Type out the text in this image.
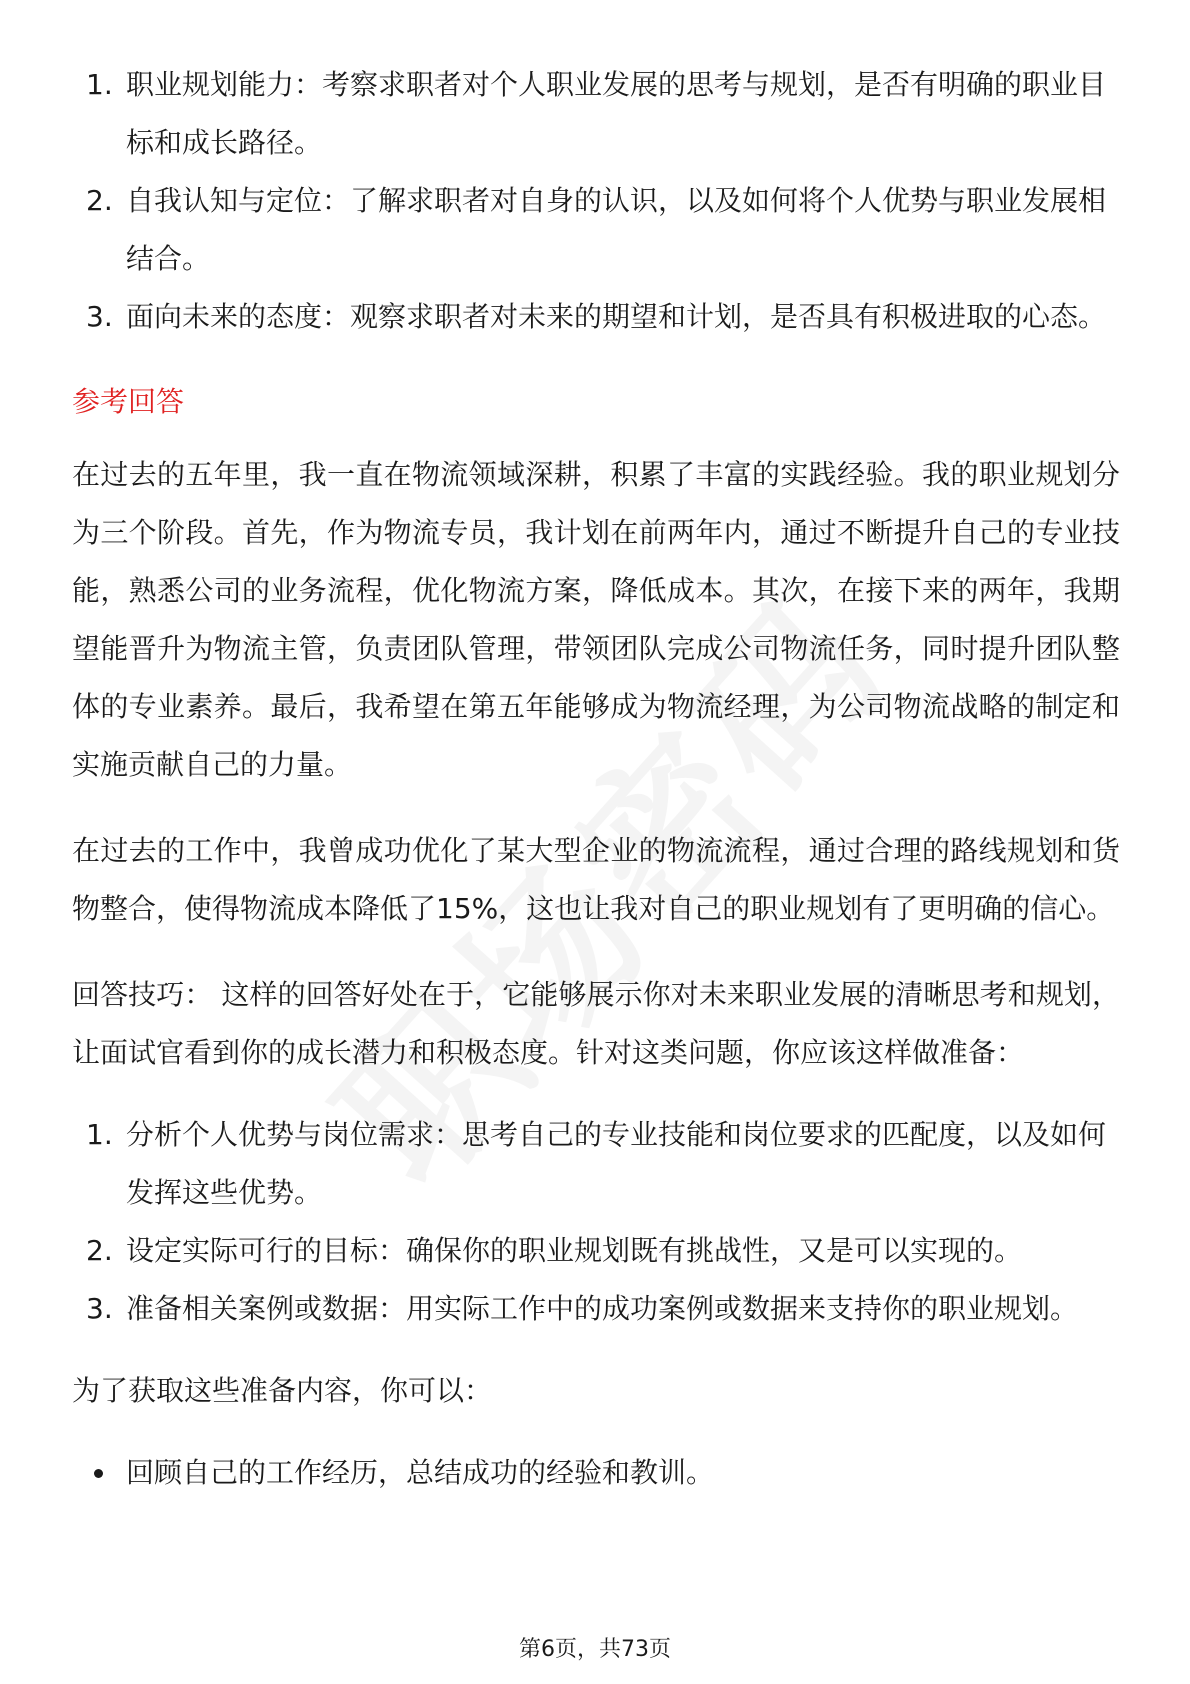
1. 职业规划能力：考察求职者对个人职业发展的思考与规划，是否有明确的职业目标和成长路径。
2. 自我认知与定位：了解求职者对自身的认识，以及如何将个人优势与职业发展相结合。
3. 面向未来的态度：观察求职者对未来的期望和计划，是否具有积极进取的心态。
参考回答

在过去的五年里，我一直在物流领域深耕，积累了丰富的实践经验。我的职业规划分为三个阶段。首先，作为物流专员，我计划在前两年内，通过不断提升自己的专业技能，熟悉公司的业务流程，优化物流方案，降低成本。其次，在接下来的两年，我期望能晋升为物流主管，负责团队管理，带领团队完成公司物流任务，同时提升团队整体的专业素养。最后，我希望在第五年能够成为物流经理，为公司物流战略的制定和实施贡献自己的力量。

在过去的工作中，我曾成功优化了某大型企业的物流流程，通过合理的路线规划和货物整合，使得物流成本降低了15%，这也让我对自己的职业规划有了更明确的信心。

回答技巧： 这样的回答好处在于，它能够展示你对未来职业发展的清晰思考和规划，让面试官看到你的成长潜力和积极态度。针对这类问题，你应该这样做准备：

1. 分析个人优势与岗位需求：思考自己的专业技能和岗位要求的匹配度，以及如何发挥这些优势。
2. 设定实际可行的目标：确保你的职业规划既有挑战性，又是可以实现的。
3. 准备相关案例或数据：用实际工作中的成功案例或数据来支持你的职业规划。

为了获取这些准备内容，你可以：

回顾自己的工作经历，总结成功的经验和教训。
第6页，共73页
